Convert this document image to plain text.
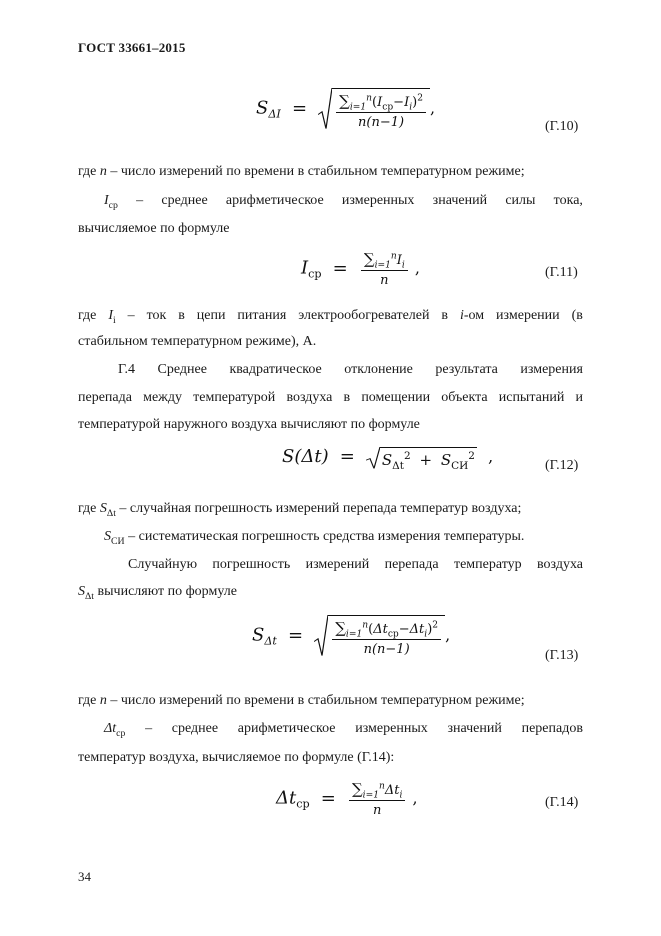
ГОСТ 33661–2015
$S_{\Delta I} = \frac{\sum_{i=1}^n(I_{ср}-I_i)^2}{n(n-1)}$ ,
(Г.10)
где n – число измерений по времени в стабильном температурном режиме;
$I_{ср}$ – среднее арифметическое измеренных значений силы тока,
вычисляемое по формуле
$I_{ср} = \frac{\sum_{i=1}^nI_i}{n}$ ,	(Г.11)
где $I_i$ – ток в цепи питания электрообогревателей в i-ом измерении (в
стабильном температурном режиме), А.
Г.4 Среднее квадратическое отклонение результата измерения
перепада между температурой воздуха в помещении объекта испытаний и
температурой наружного воздуха вычисляют по формуле
$S(\Delta t) = S_{\Delta t}^2 + S_{СИ}^2$ ,	(Г.12)
где $S_{\Delta t}$ – случайная погрешность измерений перепада температур воздуха;
$S_{СИ}$ – систематическая погрешность средства измерения температуры.
Случайную погрешность измерений перепада температур воздуха
$S_{\Delta t}$ вычисляют по формуле
$S_{\Delta t} = \frac{\sum_{i=1}^n(\Delta t_{ср}-\Delta t_i)^2}{n(n-1)}$ ,
(Г.13)
где n – число измерений по времени в стабильном температурном режиме;
$\Delta t_{ср}$ – среднее арифметическое измеренных значений перепадов
температур воздуха, вычисляемое по формуле (Г.14):
$\Delta t_{ср} = \frac{\sum_{i=1}^n\Delta t_i}{n}$ ,	(Г.14)
34
